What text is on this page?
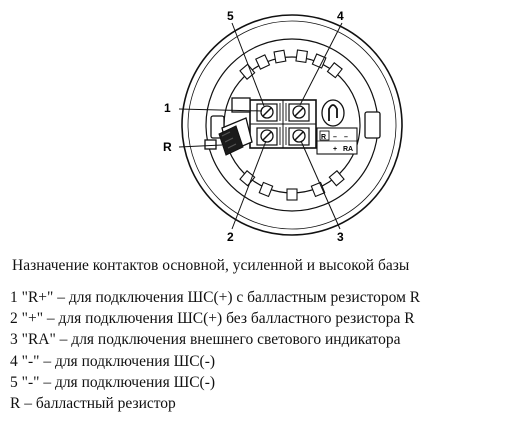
R – –
+ RA
5	4
1
R
2	3
Назначение контактов основной, усиленной и высокой базы
1 "R+" – для подключения ШС(+) с балластным резистором R
2 "+" – для подключения ШС(+) без балластного резистора R
3 "RA" – для подключения внешнего светового индикатора
4 "-" – для подключения ШС(-)
5 "-" – для подключения ШС(-)
R – балластный резистор
